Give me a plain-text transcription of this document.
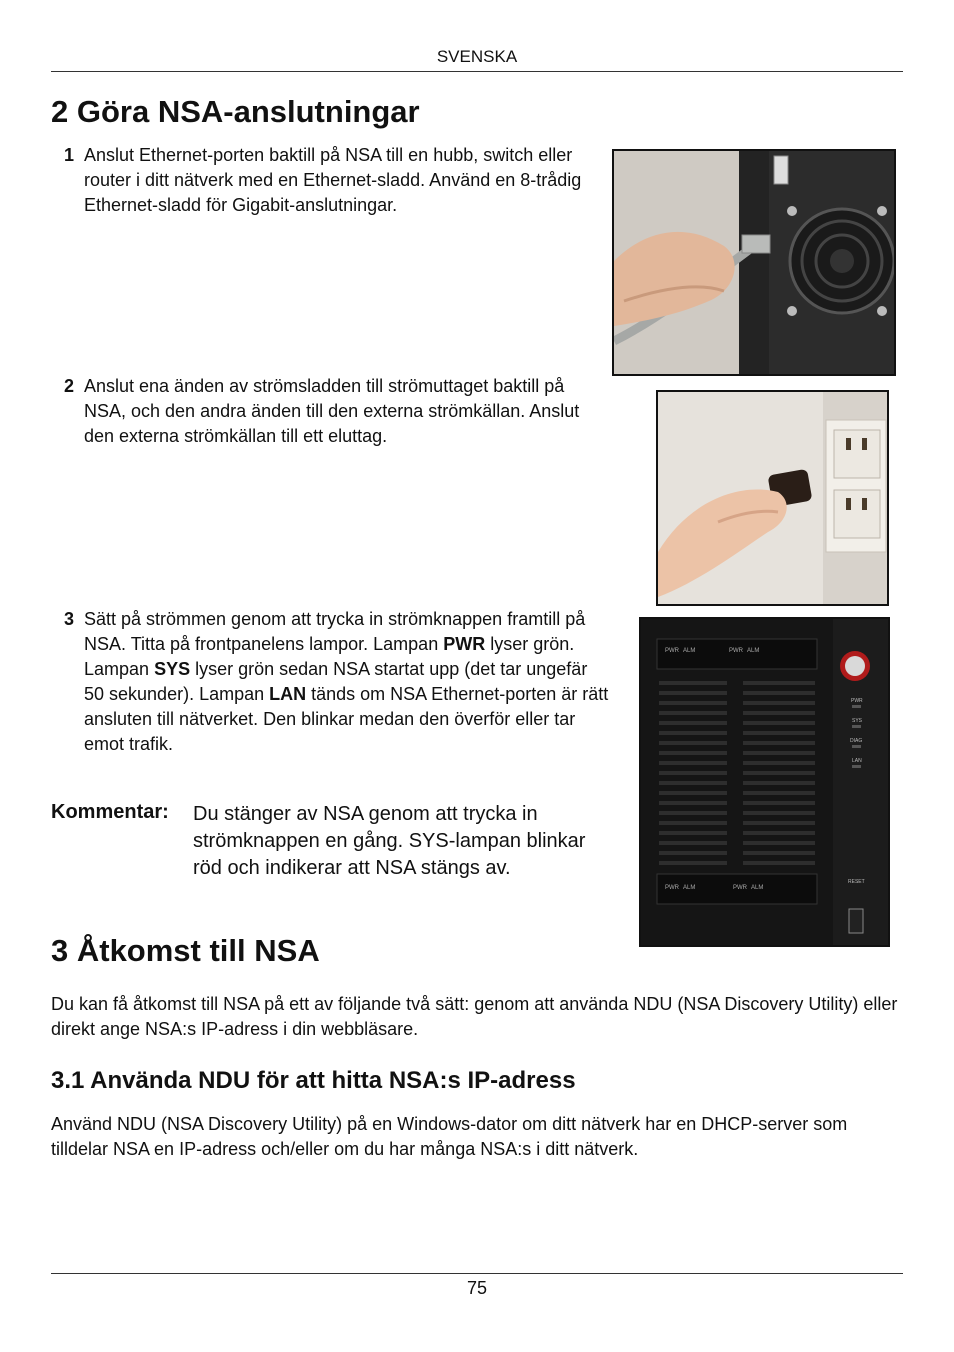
SVENSKA
2 Göra NSA-anslutningar
1 Anslut Ethernet-porten baktill på NSA till en hubb, switch eller router i ditt nätverk med en Ethernet-sladd. Använd en 8-trådig Ethernet-sladd för Gigabit-anslutningar.
2 Anslut ena änden av strömsladden till strömuttaget baktill på NSA, och den andra änden till den externa strömkällan. Anslut den externa strömkällan till ett eluttag.
3 Sätt på strömmen genom att trycka in strömknappen framtill på NSA. Titta på frontpanelens lampor. Lampan PWR lyser grön. Lampan SYS lyser grön sedan NSA startat upp (det tar ungefär 50 sekunder). Lampan LAN tänds om NSA Ethernet-porten är rätt ansluten till nätverket. Den blinkar medan den överför eller tar emot trafik.
PWR ALM	PWR ALM
PWR ALM	PWR ALM
PWR
SYS
DIAG
LAN
RESET
Kommentar: Du stänger av NSA genom att trycka in strömknappen en gång. SYS-lampan blinkar röd och indikerar att NSA stängs av.
3 Åtkomst till NSA
Du kan få åtkomst till NSA på ett av följande två sätt: genom att använda NDU (NSA Discovery Utility) eller direkt ange NSA:s IP-adress i din webbläsare.
3.1 Använda NDU för att hitta NSA:s IP-adress
Använd NDU (NSA Discovery Utility) på en Windows-dator om ditt nätverk har en DHCP-server som tilldelar NSA en IP-adress och/eller om du har många NSA:s i ditt nätverk.
75
